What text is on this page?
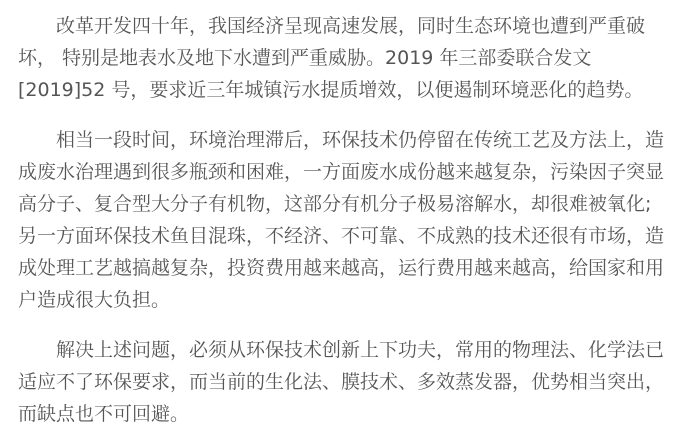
改革开发四十年，我国经济呈现高速发展，同时生态环境也遭到严重破坏， 特别是地表水及地下水遭到严重威胁。2019 年三部委联合发文[2019]52 号，要求近三年城镇污水提质增效，以便遏制环境恶化的趋势。

相当一段时间，环境治理滞后，环保技术仍停留在传统工艺及方法上，造成废水治理遇到很多瓶颈和困难，一方面废水成份越来越复杂，污染因子突显高分子、复合型大分子有机物，这部分有机分子极易溶解水，却很难被氧化;另一方面环保技术鱼目混珠，不经济、不可靠、不成熟的技术还很有市场，造成处理工艺越搞越复杂，投资费用越来越高，运行费用越来越高，给国家和用户造成很大负担。

解决上述问题，必须从环保技术创新上下功夫，常用的物理法、化学法已适应不了环保要求，而当前的生化法、膜技术、多效蒸发器，优势相当突出， 而缺点也不可回避。
